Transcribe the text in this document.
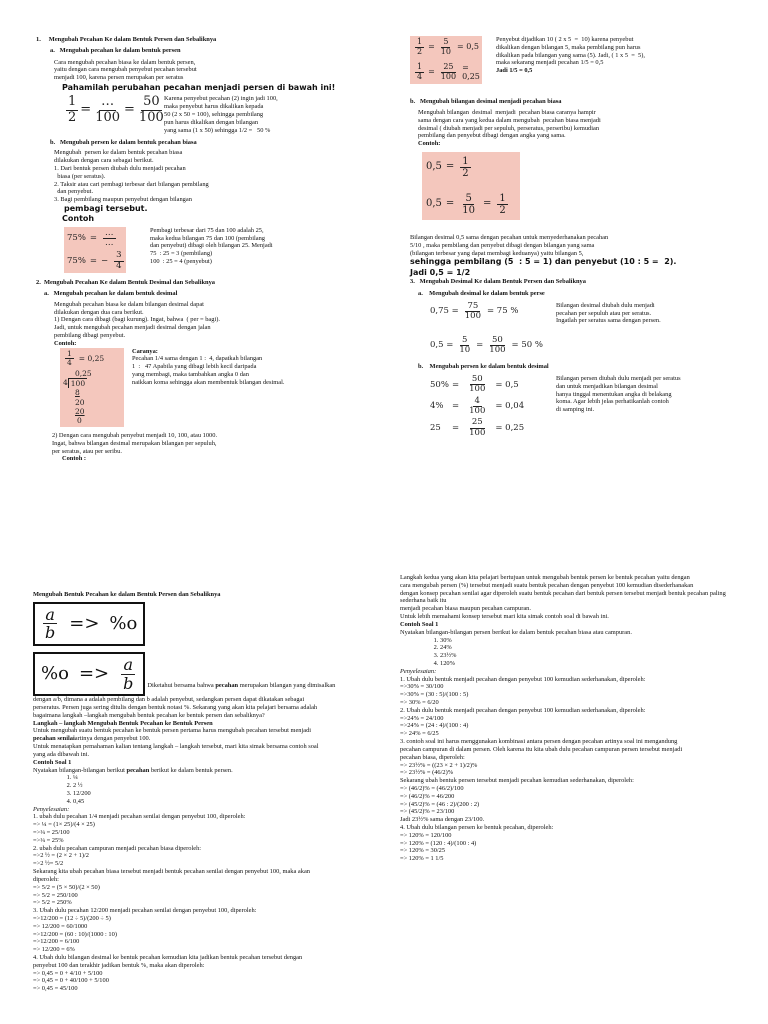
1.     Mengubah Pecahan Ke dalam Bentuk Persen dan Sebaliknya

a.   Mengubah pecahan ke dalam bentuk persen

Cara mengubah pecahan biasa ke dalam bentuk persen,

yaitu dengan cara mengubah penyebut pecahan tersebut

menjadi 100, karena persen merupakan per seratus

Pahamilah perubahan pecahan menjadi persen di bawah ini!

$\frac{1}{2} = \frac{\dots}{100} = \frac{50}{100}$

Karena penyebut pecahan (2) ingin jadi 100,

maka penyebut harus dikalikan kepada

50 (2 x 50 = 100), sehingga pembilang

pun harus dikalikan dengan bilangan

yang sama (1 x 50) sehingga 1/2 =   50 %

b.   Mengubah persen ke dalam bentuk pecahan biasa

Mengubah  persen ke dalam bentuk pecahan biasa

dilakukan dengan cara sebagai berikut.

1. Dari bentuk persen diubah dulu menjadi pecahan

biasa (per seratus).

2. Taksir atau cari pembagi terbesar dari bilangan pembilang

dan penyebut.

3. Bagi pembilang maupun penyebut dengan bilangan

pembagi tersebut.

Contoh

$75\% = \frac{\dots}{\dots}$
75% = − $\frac{3}{4}$

Pembagi terbesar dari 75 dan 100 adalah 25,

maka kedua bilangan 75 dan 100 (pembilang

dan penyebut) dibagi oleh bilangan 25. Menjadi

75  : 25 = 3 (pembilang)

100  : 25 = 4 (penyebut)

2.  Mengubah Pecahan Ke dalam Bentuk Desimal dan Sebaliknya

a.   Mengubah pecahan ke dalam bentuk desimal

Mengubah pecahan biasa ke dalam bilangan desimal dapat

dilakukan dengan dua cara berikut.

1) Dengan cara dibagi (bagi kurung). Ingat, bahwa  ( per = bagi).

Jadi, untuk mengubah pecahan menjadi desimal dengan jalan

pembilang dibagi penyebut.

Contoh:

$\frac{1}{4} = 0,25$
0,25
4 100
8
20
20
0

Caranya:

Pecahan 1/4 sama dengan 1 :  4, dapatkah bilangan

1  :   47 Apabila yang dibagi lebih kecil daripada

yang membagi, maka tambahkan angka 0 dan

naikkan koma sehingga akan membentuk bilangan desimal.

2) Dengan cara mengubah penyebut menjadi 10, 100, atau 1000.

Ingat, bahwa bilangan desimal merupakan bilangan per sepuluh,

per seratus, atau per seribu.

Contoh :

$\frac{1}{2} = \frac{5}{10} = 0,5$
$\frac{1}{4} = \frac{25}{100} = 0,25$

Penyebut dijadikan 10 ( 2 x 5  =  10) karena penyebut

dikalikan dengan bilangan 5, maka pembilang pun harus

dikalikan pada bilangan yang sama (5). Jadi, ( 1 x 5  =  5),

maka sekarang menjadi pecahan 1/5 = 0,5

Jadi 1/5 = 0,5

b.   Mengubah bilangan desimal menjadi pecahan biasa

Mengubah bilangan  desimal  menjadi  pecahan biasa caranya hampir

sama dengan cara yang kedua dalam mengubah  pecahan biasa menjadi

desimal ( diubah menjadi per sepuluh, perseratus, perseribu) kemudian

pembilang dan penyebut dibagi dengan angka yang sama.

Contoh:

$0,5 = \frac{1}{2}$
$0,5 = \frac{5}{10} = \frac{1}{2}$

Bilangan desimal 0,5 sama dengan pecahan untuk menyederhanakan pecahan

5/10 , maka pembilang dan penyebut dibagi dengan bilangan yang sama

(bilangan terbesar yang dapat membagi keduanya) yaitu bilangan 5,

sehingga pembilang (5  : 5 = 1) dan penyebut (10 : 5 =  2).

Jadi 0,5 = 1/2

3.   Mengubah Desimal Ke dalam Bentuk Persen dan Sebaliknya

a.    Mengubah desimal ke dalam bentuk perse

$0,75 = \frac{75}{100} = 75$ %
$0,5 = \frac{5}{10} = \frac{50}{100} = 50$ %

Bilangan desimal diubah dulu menjadi

pecahan per sepuluh atau per seratus.

Ingatlah per seratus sama dengan persen.

b.    Mengubah persen ke dalam bentuk desimal

$50\% = \frac{50}{100} = 0,5$
$4\% = \frac{4}{100} = 0,04$
25	= $\frac{25}{100} = 0,25$

Bilangan persen diubah dulu menjadi per seratus

dan untuk menjadikan bilangan desimal

hanya tinggal menentukan angka di belakang

koma. Agar lebih jelas perhatikanlah contoh

di samping ini.

Mengubah Bentuk Pecahan ke dalam Bentuk Persen dan Sebaliknya

$\frac{a}{b} => \%o$

$\%o => \frac{a}{b}$ Diketahui bersama bahwa pecahan merupakan bilangan yang dimisalkan

dengan a/b, dimana a adalah pembilang dan b adalah penyebut, sedangkan persen dapat dikatakan sebagai

perseratus. Persen juga sering ditulis dengan bentuk notasi %. Sekarang yang akan kita pelajari bersama adalah

bagaimana langkah –langkah mengubah bentuk pecahan ke bentuk persen dan sebaliknya?

Langkah – langkah Mengubah Bentuk Pecahan ke Bentuk Persen

Untuk mengubah suatu bentuk pecahan ke bentuk persen pertama harus mengubah pecahan tersebut menjadi

pecahan senilaiartinya dengan penyebut 100.

Untuk menatapkan pemahaman kalian tentang langkah – langkah tersebut, mari kita simak bersama contoh soal

yang ada dibawah ini.

Contoh Soal 1

Nyatakan bilangan-bilangan berikut pecahan berikut ke dalam bentuk persen.

1. ¼
2. 2 ½
3. 12/200
4. 0,45

Penyelesaian:

1. ubah dulu pecahan 1/4 menjadi pecahan senilai dengan penyebut 100, diperoleh:

=> ¼ = (1× 25)/(4 × 25)

=>¼ = 25/100

=>¼ = 25%

2. ubah dulu pecahan campuran menjadi pecahan biasa diperoleh:

=>2 ½ = (2 × 2 + 1)/2

=>2 ½= 5/2

Sekarang kita ubah pecahan biasa tersebut menjadi bentuk pecahan senilai dengan penyebut 100, maka akan

diperoleh:

=> 5/2 = (5 × 50)/(2 × 50)

=> 5/2 = 250/100

=> 5/2 = 250%

3. Ubah dulu pecahan 12/200 menjadi pecahan senilai dengan penyebut 100, diperoleh:

=>12/200 = (12 ÷ 5)/(200 ÷ 5)

=> 12/200 = 60/1000

=>12/200 = (60 : 10)/(1000 : 10)

=>12/200 = 6/100

=> 12/200 = 6%

4. Ubah dulu bilangan desimal ke bentuk pecahan kemudian kita jadikan bentuk pecahan tersebut dengan

penyebut 100 dan terakhir jadikan bentuk %, maka akan diperoleh:

=> 0,45 = 0 + 4/10 + 5/100

=> 0,45 = 0 + 40/100 + 5/100

=> 0,45 = 45/100

Langkah kedua yang akan kita pelajari bertujuan untuk mengubah bentuk persen ke bentuk pecahan yaitu dengan

cara mengubah persen (%) tersebut menjadi suatu bentuk pecahan dengan penyebut 100 kemudian disederhanakan

dengan konsep pecahan senilai agar diperoleh suatu bentuk pecahan dari bentuk persen tersebut menjadi bentuk pecahan paling sederhana baik itu

menjadi pecahan biasa maupun pecahan campuran.

Untuk lebih memahami konsep tersebut mari kita simak contoh soal di bawah ini.

Contoh Soal 1

Nyatakan bilangan-bilangan persen berikut ke dalam bentuk pecahan biasa atau campuran.

1. 30%
2. 24%
3. 23½%
4. 120%

Penyelesaian:

1. Ubah dulu bentuk menjadi pecahan dengan penyebut 100 kemudian sederhanakan, diperoleh:

=>30% = 30/100

=>30% = (30 : 5)/(100 : 5)

=> 30% = 6/20

2. Ubah dulu bentuk menjadi pecahan dengan penyebut 100 kemudian sederhanakan, diperoleh:

=>24% = 24/100

=>24% = (24 : 4)/(100 : 4)

=> 24% = 6/25

3. contoh soal ini harus menggunakan kombinasi antara persen dengan pecahan artinya soal ini mengandung

pecahan campuran di dalam persen. Oleh karena itu kita ubah dulu pecahan campuran persen tersebut menjadi

pecahan biasa, diperoleh:

=> 23½% = ((23 × 2 + 1)/2)%

=> 23½% = (46/2)%

Sekarang ubah bentuk persen tersebut menjadi pecahan kemudian sederhanakan, diperoleh:

=> (46/2)% = (46/2)/100

=> (46/2)% = 46/200

=> (45/2)% = (46 : 2)/(200 : 2)

=> (45/2)% = 23/100

Jadi 23½% sama dengan 23/100.

4. Ubah dulu bilangan persen ke bentuk pecahan, diperoleh:

=> 120% = 120/100

=> 120% = (120 : 4)/(100 : 4)

=> 120% = 30/25

=> 120% = 1 1/5
